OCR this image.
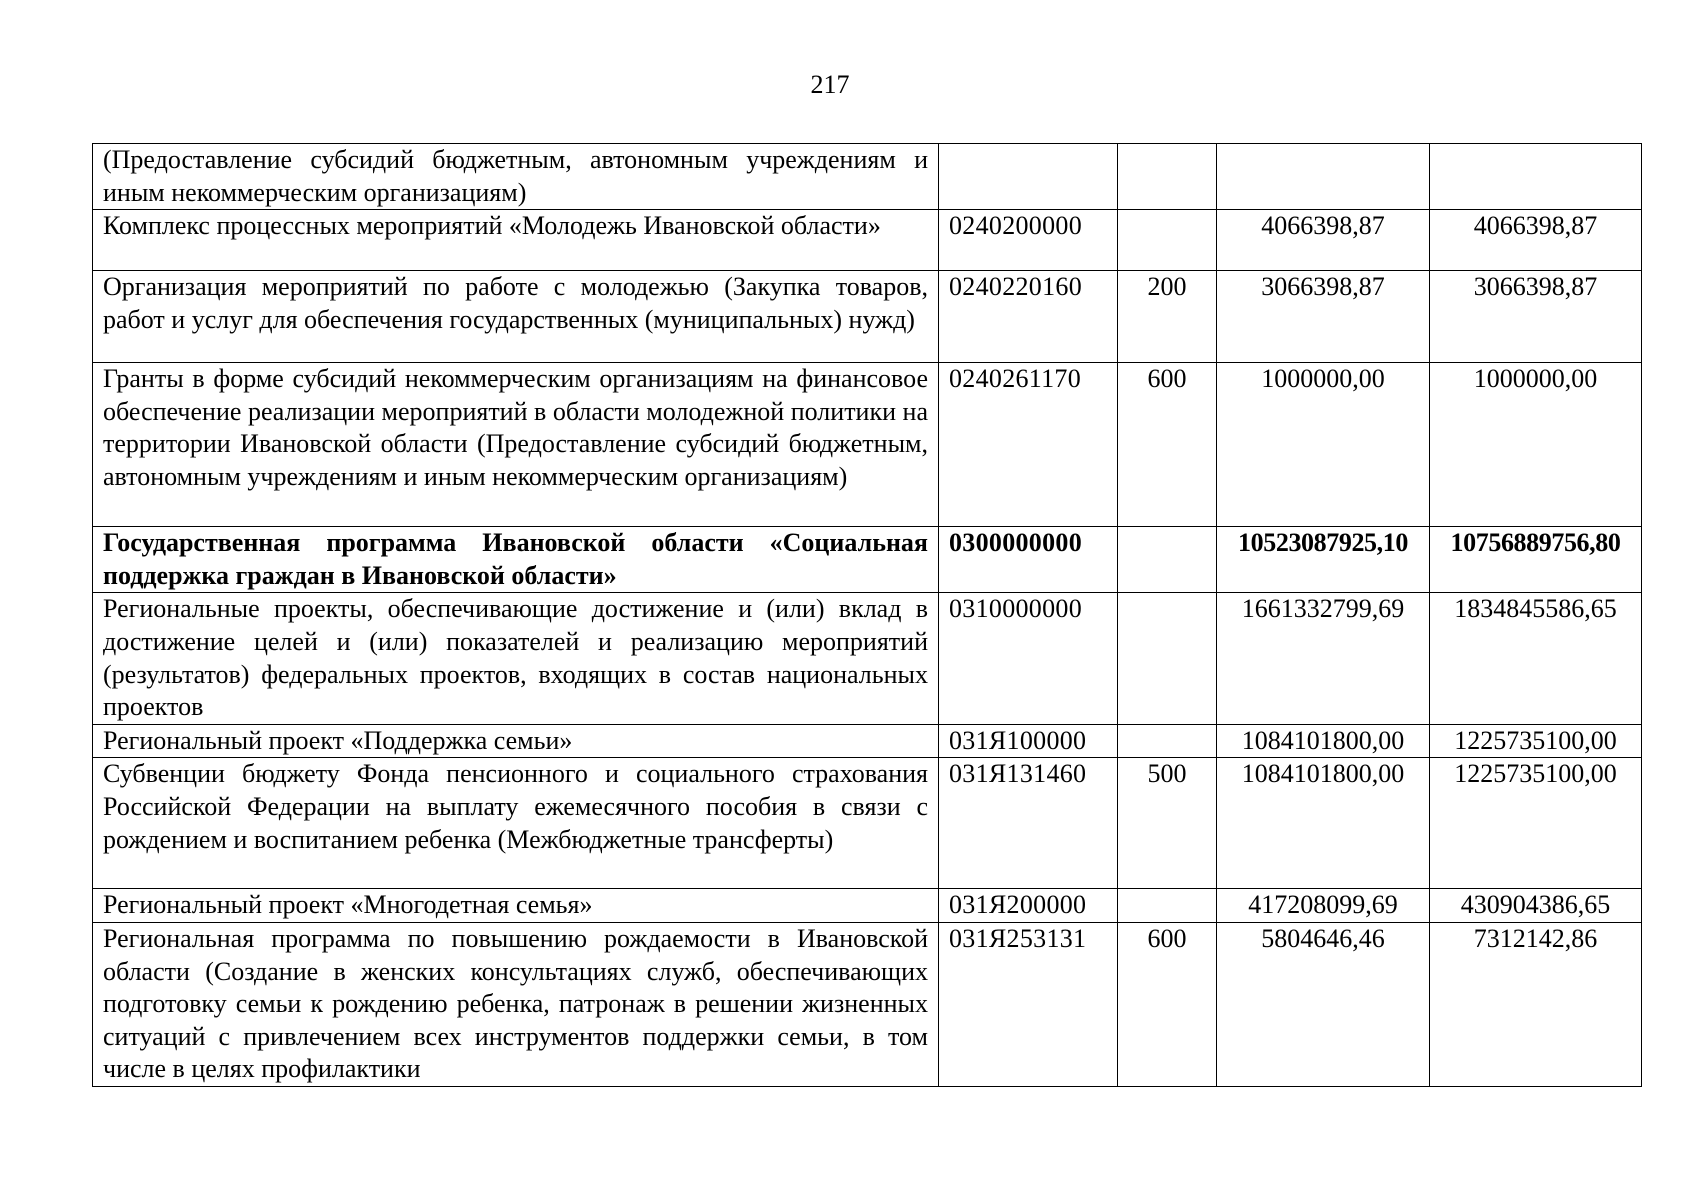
217
(Предоставление субсидий бюджетным, автономным учреждениям и иным некоммерческим организациям)				
Комплекс процессных мероприятий «Молодежь Ивановской области»	0240200000		4066398,87	4066398,87
Организация мероприятий по работе с молодежью (Закупка товаров, работ и услуг для обеспечения государственных (муниципальных) нужд)	0240220160	200	3066398,87	3066398,87
Гранты в форме субсидий некоммерческим организациям на финансовое обеспечение реализации мероприятий в области молодежной политики на территории Ивановской области (Предоставление субсидий бюджетным, автономным учреждениям и иным некоммерческим организациям)	0240261170	600	1000000,00	1000000,00
Государственная программа Ивановской области «Социальная поддержка граждан в Ивановской области»	0300000000		10523087925,10	10756889756,80
Региональные проекты, обеспечивающие достижение и (или) вклад в достижение целей и (или) показателей и реализацию мероприятий (результатов) федеральных проектов, входящих в состав национальных проектов	0310000000		1661332799,69	1834845586,65
Региональный проект «Поддержка семьи»	031Я100000		1084101800,00	1225735100,00
Субвенции бюджету Фонда пенсионного и социального страхования Российской Федерации на выплату ежемесячного пособия в связи с рождением и воспитанием ребенка (Межбюджетные трансферты)	031Я131460	500	1084101800,00	1225735100,00
Региональный проект «Многодетная семья»	031Я200000		417208099,69	430904386,65
Региональная программа по повышению рождаемости в Ивановской области (Создание в женских консультациях служб, обеспечивающих подготовку семьи к рождению ребенка, патронаж в решении жизненных ситуаций с привлечением всех инструментов поддержки семьи, в том числе в целях профилактики	031Я253131	600	5804646,46	7312142,86
